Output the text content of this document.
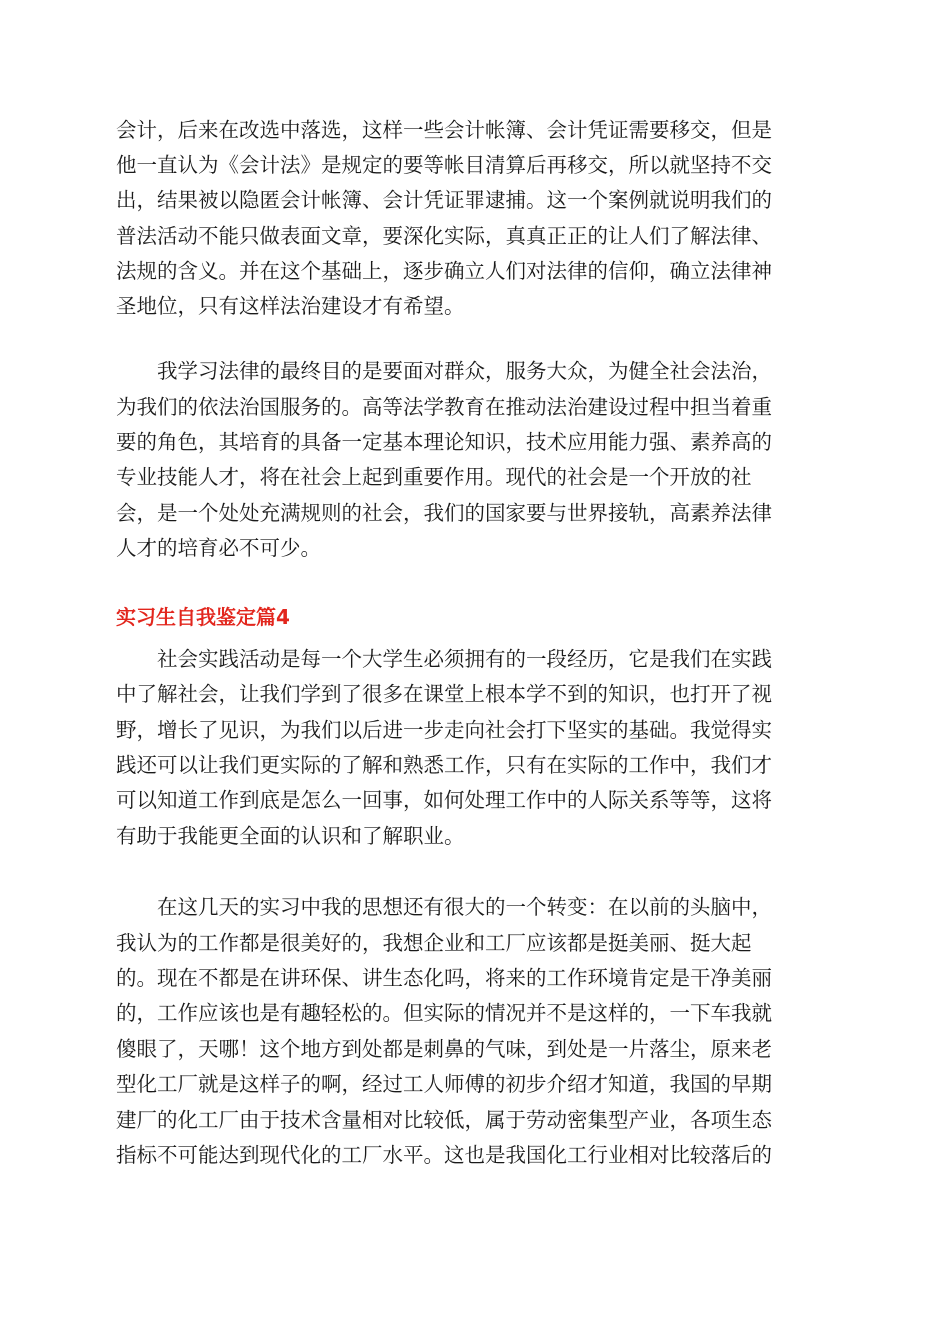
会计，后来在改选中落选，这样一些会计帐簿、会计凭证需要移交，但是
他一直认为《会计法》是规定的要等帐目清算后再移交，所以就坚持不交
出，结果被以隐匿会计帐簿、会计凭证罪逮捕。这一个案例就说明我们的
普法活动不能只做表面文章，要深化实际，真真正正的让人们了解法律、
法规的含义。并在这个基础上，逐步确立人们对法律的信仰，确立法律神
圣地位，只有这样法治建设才有希望。
　　我学习法律的最终目的是要面对群众，服务大众，为健全社会法治，
为我们的依法治国服务的。高等法学教育在推动法治建设过程中担当着重
要的角色，其培育的具备一定基本理论知识，技术应用能力强、素养高的
专业技能人才，将在社会上起到重要作用。现代的社会是一个开放的社
会，是一个处处充满规则的社会，我们的国家要与世界接轨，高素养法律
人才的培育必不可少。
实习生自我鉴定篇4
　　社会实践活动是每一个大学生必须拥有的一段经历，它是我们在实践
中了解社会，让我们学到了很多在课堂上根本学不到的知识，也打开了视
野，增长了见识，为我们以后进一步走向社会打下坚实的基础。我觉得实
践还可以让我们更实际的了解和熟悉工作，只有在实际的工作中，我们才
可以知道工作到底是怎么一回事，如何处理工作中的人际关系等等，这将
有助于我能更全面的认识和了解职业。
　　在这几天的实习中我的思想还有很大的一个转变：在以前的头脑中，
我认为的工作都是很美好的，我想企业和工厂应该都是挺美丽、挺大起
的。现在不都是在讲环保、讲生态化吗，将来的工作环境肯定是干净美丽
的，工作应该也是有趣轻松的。但实际的情况并不是这样的，一下车我就
傻眼了，天哪！这个地方到处都是刺鼻的气味，到处是一片落尘，原来老
型化工厂就是这样子的啊，经过工人师傅的初步介绍才知道，我国的早期
建厂的化工厂由于技术含量相对比较低，属于劳动密集型产业，各项生态
指标不可能达到现代化的工厂水平。这也是我国化工行业相对比较落后的
